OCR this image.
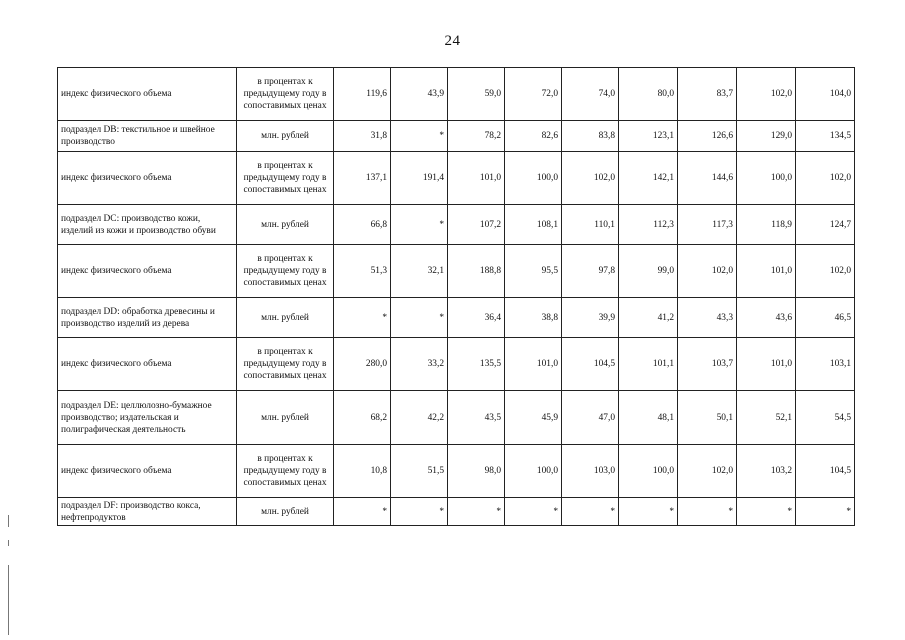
24
индекс физического объема	в процентах к предыдущему году в сопоставимых ценах	119,6	43,9	59,0	72,0	74,0	80,0	83,7	102,0	104,0
подраздел DB: текстильное и швейное производство	млн. рублей	31,8	*	78,2	82,6	83,8	123,1	126,6	129,0	134,5
индекс физического объема	в процентах к предыдущему году в сопоставимых ценах	137,1	191,4	101,0	100,0	102,0	142,1	144,6	100,0	102,0
подраздел DC: производство кожи, изделий из кожи и производство обуви	млн. рублей	66,8	*	107,2	108,1	110,1	112,3	117,3	118,9	124,7
индекс физического объема	в процентах к предыдущему году в сопоставимых ценах	51,3	32,1	188,8	95,5	97,8	99,0	102,0	101,0	102,0
подраздел DD: обработка древесины и производство изделий из дерева	млн. рублей	*	*	36,4	38,8	39,9	41,2	43,3	43,6	46,5
индекс физического объема	в процентах к предыдущему году в сопоставимых ценах	280,0	33,2	135,5	101,0	104,5	101,1	103,7	101,0	103,1
подраздел DE: целлюлозно-бумажное производство; издательская и полиграфическая деятельность	млн. рублей	68,2	42,2	43,5	45,9	47,0	48,1	50,1	52,1	54,5
индекс физического объема	в процентах к предыдущему году в сопоставимых ценах	10,8	51,5	98,0	100,0	103,0	100,0	102,0	103,2	104,5
подраздел DF: производство кокса, нефтепродуктов	млн. рублей	*	*	*	*	*	*	*	*	*
